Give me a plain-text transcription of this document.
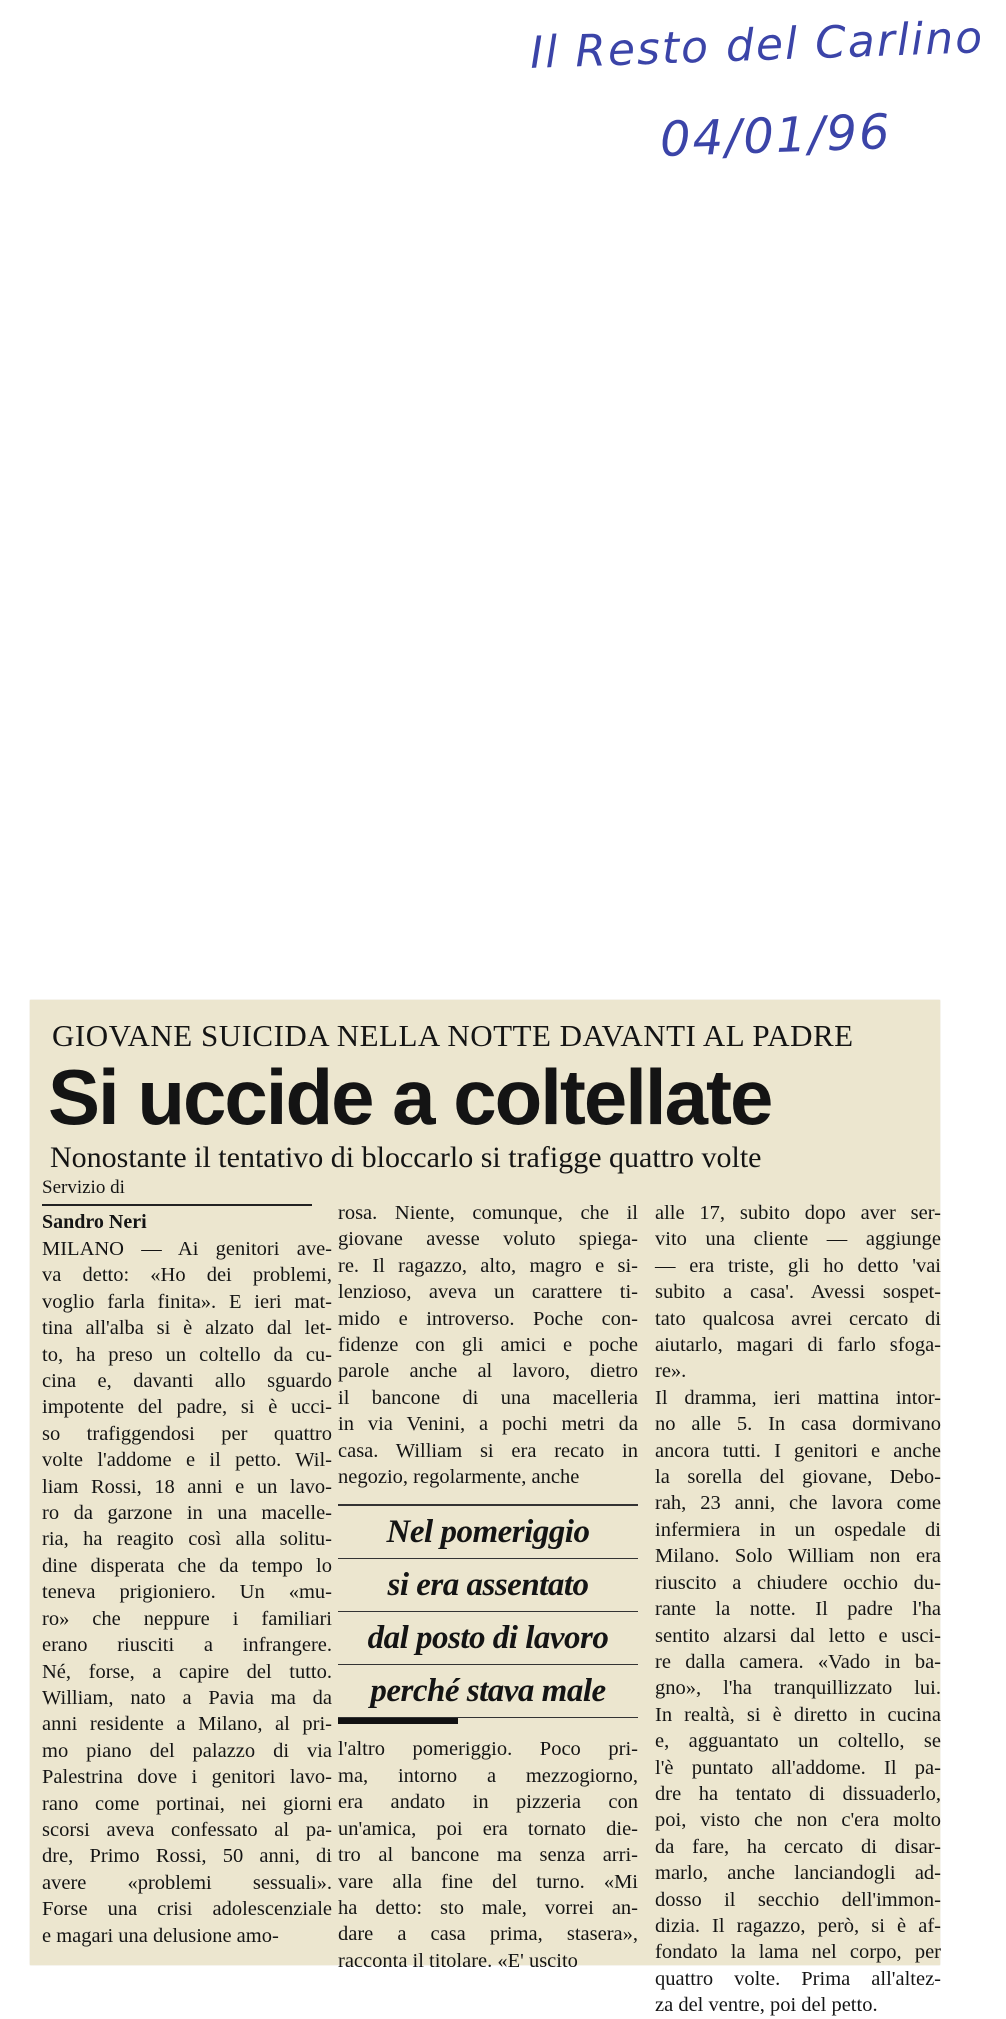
Il Resto del Carlino
04/01/96
GIOVANE SUICIDA NELLA NOTTE DAVANTI AL PADRE
Si uccide a coltellate
Nonostante il tentativo di bloccarlo si trafigge quattro volte
Servizio di
Sandro Neri

MILANO — Ai genitori ave-
va detto: «Ho dei problemi,
voglio farla finita». E ieri mat-
tina all'alba si è alzato dal let-
to, ha preso un coltello da cu-
cina e, davanti allo sguardo
impotente del padre, si è ucci-
so trafiggendosi per quattro
volte l'addome e il petto. Wil-
liam Rossi, 18 anni e un lavo-
ro da garzone in una macelle-
ria, ha reagito così alla solitu-
dine disperata che da tempo lo
teneva prigioniero. Un «mu-
ro» che neppure i familiari
erano riusciti a infrangere.
Né, forse, a capire del tutto.
William, nato a Pavia ma da
anni residente a Milano, al pri-
mo piano del palazzo di via
Palestrina dove i genitori lavo-
rano come portinai, nei giorni
scorsi aveva confessato al pa-
dre, Primo Rossi, 50 anni, di
avere «problemi sessuali».
Forse una crisi adolescenziale
e magari una delusione amo-

rosa. Niente, comunque, che il
giovane avesse voluto spiega-
re. Il ragazzo, alto, magro e si-
lenzioso, aveva un carattere ti-
mido e introverso. Poche con-
fidenze con gli amici e poche
parole anche al lavoro, dietro
il bancone di una macelleria
in via Venini, a pochi metri da
casa. William si era recato in
negozio, regolarmente, anche

Nel pomeriggio
si era assentato
dal posto di lavoro
perché stava male

l'altro pomeriggio. Poco pri-
ma, intorno a mezzogiorno,
era andato in pizzeria con
un'amica, poi era tornato die-
tro al bancone ma senza arri-
vare alla fine del turno. «Mi
ha detto: sto male, vorrei an-
dare a casa prima, stasera»,
racconta il titolare. «E' uscito

alle 17, subito dopo aver ser-
vito una cliente — aggiunge
— era triste, gli ho detto 'vai
subito a casa'. Avessi sospet-
tato qualcosa avrei cercato di
aiutarlo, magari di farlo sfoga-
re».
Il dramma, ieri mattina intor-
no alle 5. In casa dormivano
ancora tutti. I genitori e anche
la sorella del giovane, Debo-
rah, 23 anni, che lavora come
infermiera in un ospedale di
Milano. Solo William non era
riuscito a chiudere occhio du-
rante la notte. Il padre l'ha
sentito alzarsi dal letto e usci-
re dalla camera. «Vado in ba-
gno», l'ha tranquillizzato lui.
In realtà, si è diretto in cucina
e, agguantato un coltello, se
l'è puntato all'addome. Il pa-
dre ha tentato di dissuaderlo,
poi, visto che non c'era molto
da fare, ha cercato di disar-
marlo, anche lanciandogli ad-
dosso il secchio dell'immon-
dizia. Il ragazzo, però, si è af-
fondato la lama nel corpo, per
quattro volte. Prima all'altez-
za del ventre, poi del petto.
